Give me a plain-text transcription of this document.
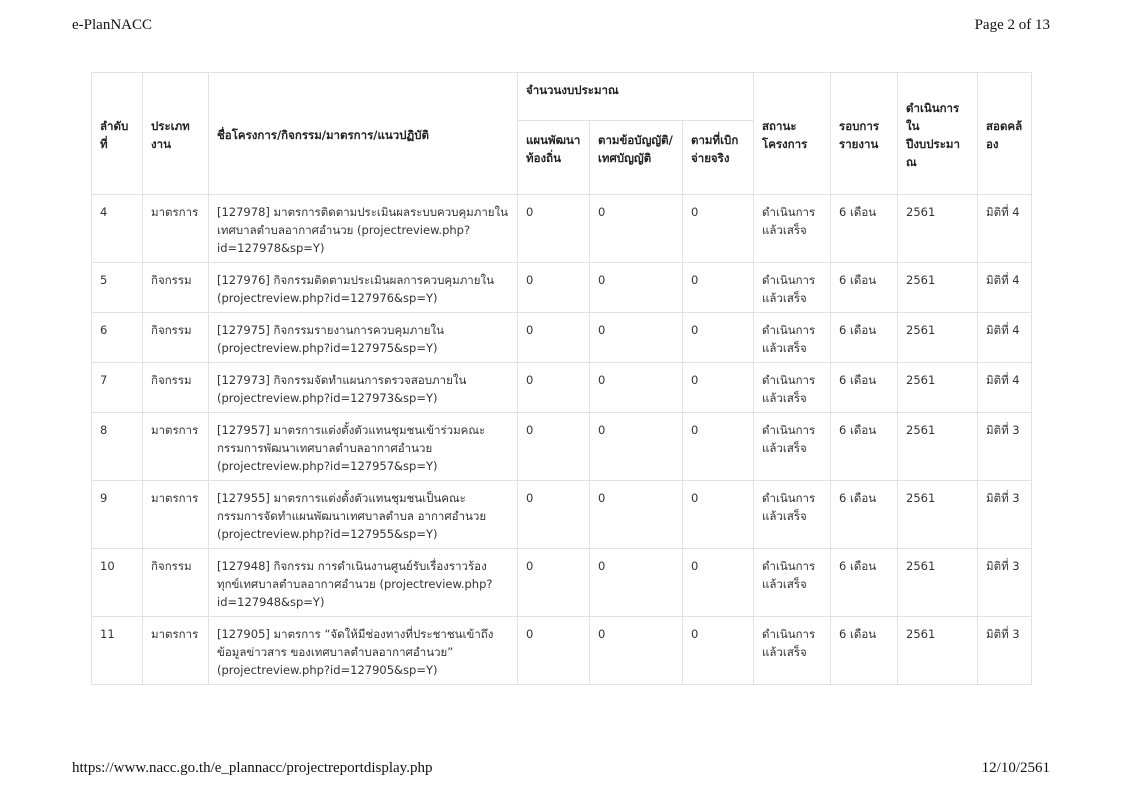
e-PlanNACC	Page 2 of 13
ลำดับที่	ประเภทงาน	ชื่อโครงการ/กิจกรรม/มาตรการ/แนวปฏิบัติ	จำนวนงบประมาณ			สถานะโครงการ	รอบการรายงาน	ดำเนินการในปีงบประมาณ	สอดคล้อง
			แผนพัฒนาท้องถิ่น	ตามข้อบัญญัติ/เทศบัญญัติ	ตามที่เบิกจ่ายจริง				
4	มาตรการ	[127978] มาตรการติดตามประเมินผลระบบควบคุมภายในเทศบาลตำบลอากาศอำนวย (projectreview.php?id=127978&sp=Y)	0	0	0	ดำเนินการแล้วเสร็จ	6 เดือน	2561	มิติที่ 4
5	กิจกรรม	[127976] กิจกรรมติดตามประเมินผลการควบคุมภายใน (projectreview.php?id=127976&sp=Y)	0	0	0	ดำเนินการแล้วเสร็จ	6 เดือน	2561	มิติที่ 4
6	กิจกรรม	[127975] กิจกรรมรายงานการควบคุมภายใน (projectreview.php?id=127975&sp=Y)	0	0	0	ดำเนินการแล้วเสร็จ	6 เดือน	2561	มิติที่ 4
7	กิจกรรม	[127973] กิจกรรมจัดทำแผนการตรวจสอบภายใน (projectreview.php?id=127973&sp=Y)	0	0	0	ดำเนินการแล้วเสร็จ	6 เดือน	2561	มิติที่ 4
8	มาตรการ	[127957] มาตรการแต่งตั้งตัวแทนชุมชนเข้าร่วมคณะกรรมการพัฒนาเทศบาลตำบลอากาศอำนวย (projectreview.php?id=127957&sp=Y)	0	0	0	ดำเนินการแล้วเสร็จ	6 เดือน	2561	มิติที่ 3
9	มาตรการ	[127955] มาตรการแต่งตั้งตัวแทนชุมชนเป็นคณะกรรมการจัดทำแผนพัฒนาเทศบาลตำบล อากาศอำนวย (projectreview.php?id=127955&sp=Y)	0	0	0	ดำเนินการแล้วเสร็จ	6 เดือน	2561	มิติที่ 3
10	กิจกรรม	[127948] กิจกรรม การดำเนินงานศูนย์รับเรื่องราวร้องทุกข์เทศบาลตำบลอากาศอำนวย (projectreview.php?id=127948&sp=Y)	0	0	0	ดำเนินการแล้วเสร็จ	6 เดือน	2561	มิติที่ 3
11	มาตรการ	[127905] มาตรการ “จัดให้มีช่องทางที่ประชาชนเข้าถึงข้อมูลข่าวสาร ของเทศบาลตำบลอากาศอำนวย” (projectreview.php?id=127905&sp=Y)	0	0	0	ดำเนินการแล้วเสร็จ	6 เดือน	2561	มิติที่ 3
https://www.nacc.go.th/e_plannacc/projectreportdisplay.php	12/10/2561
